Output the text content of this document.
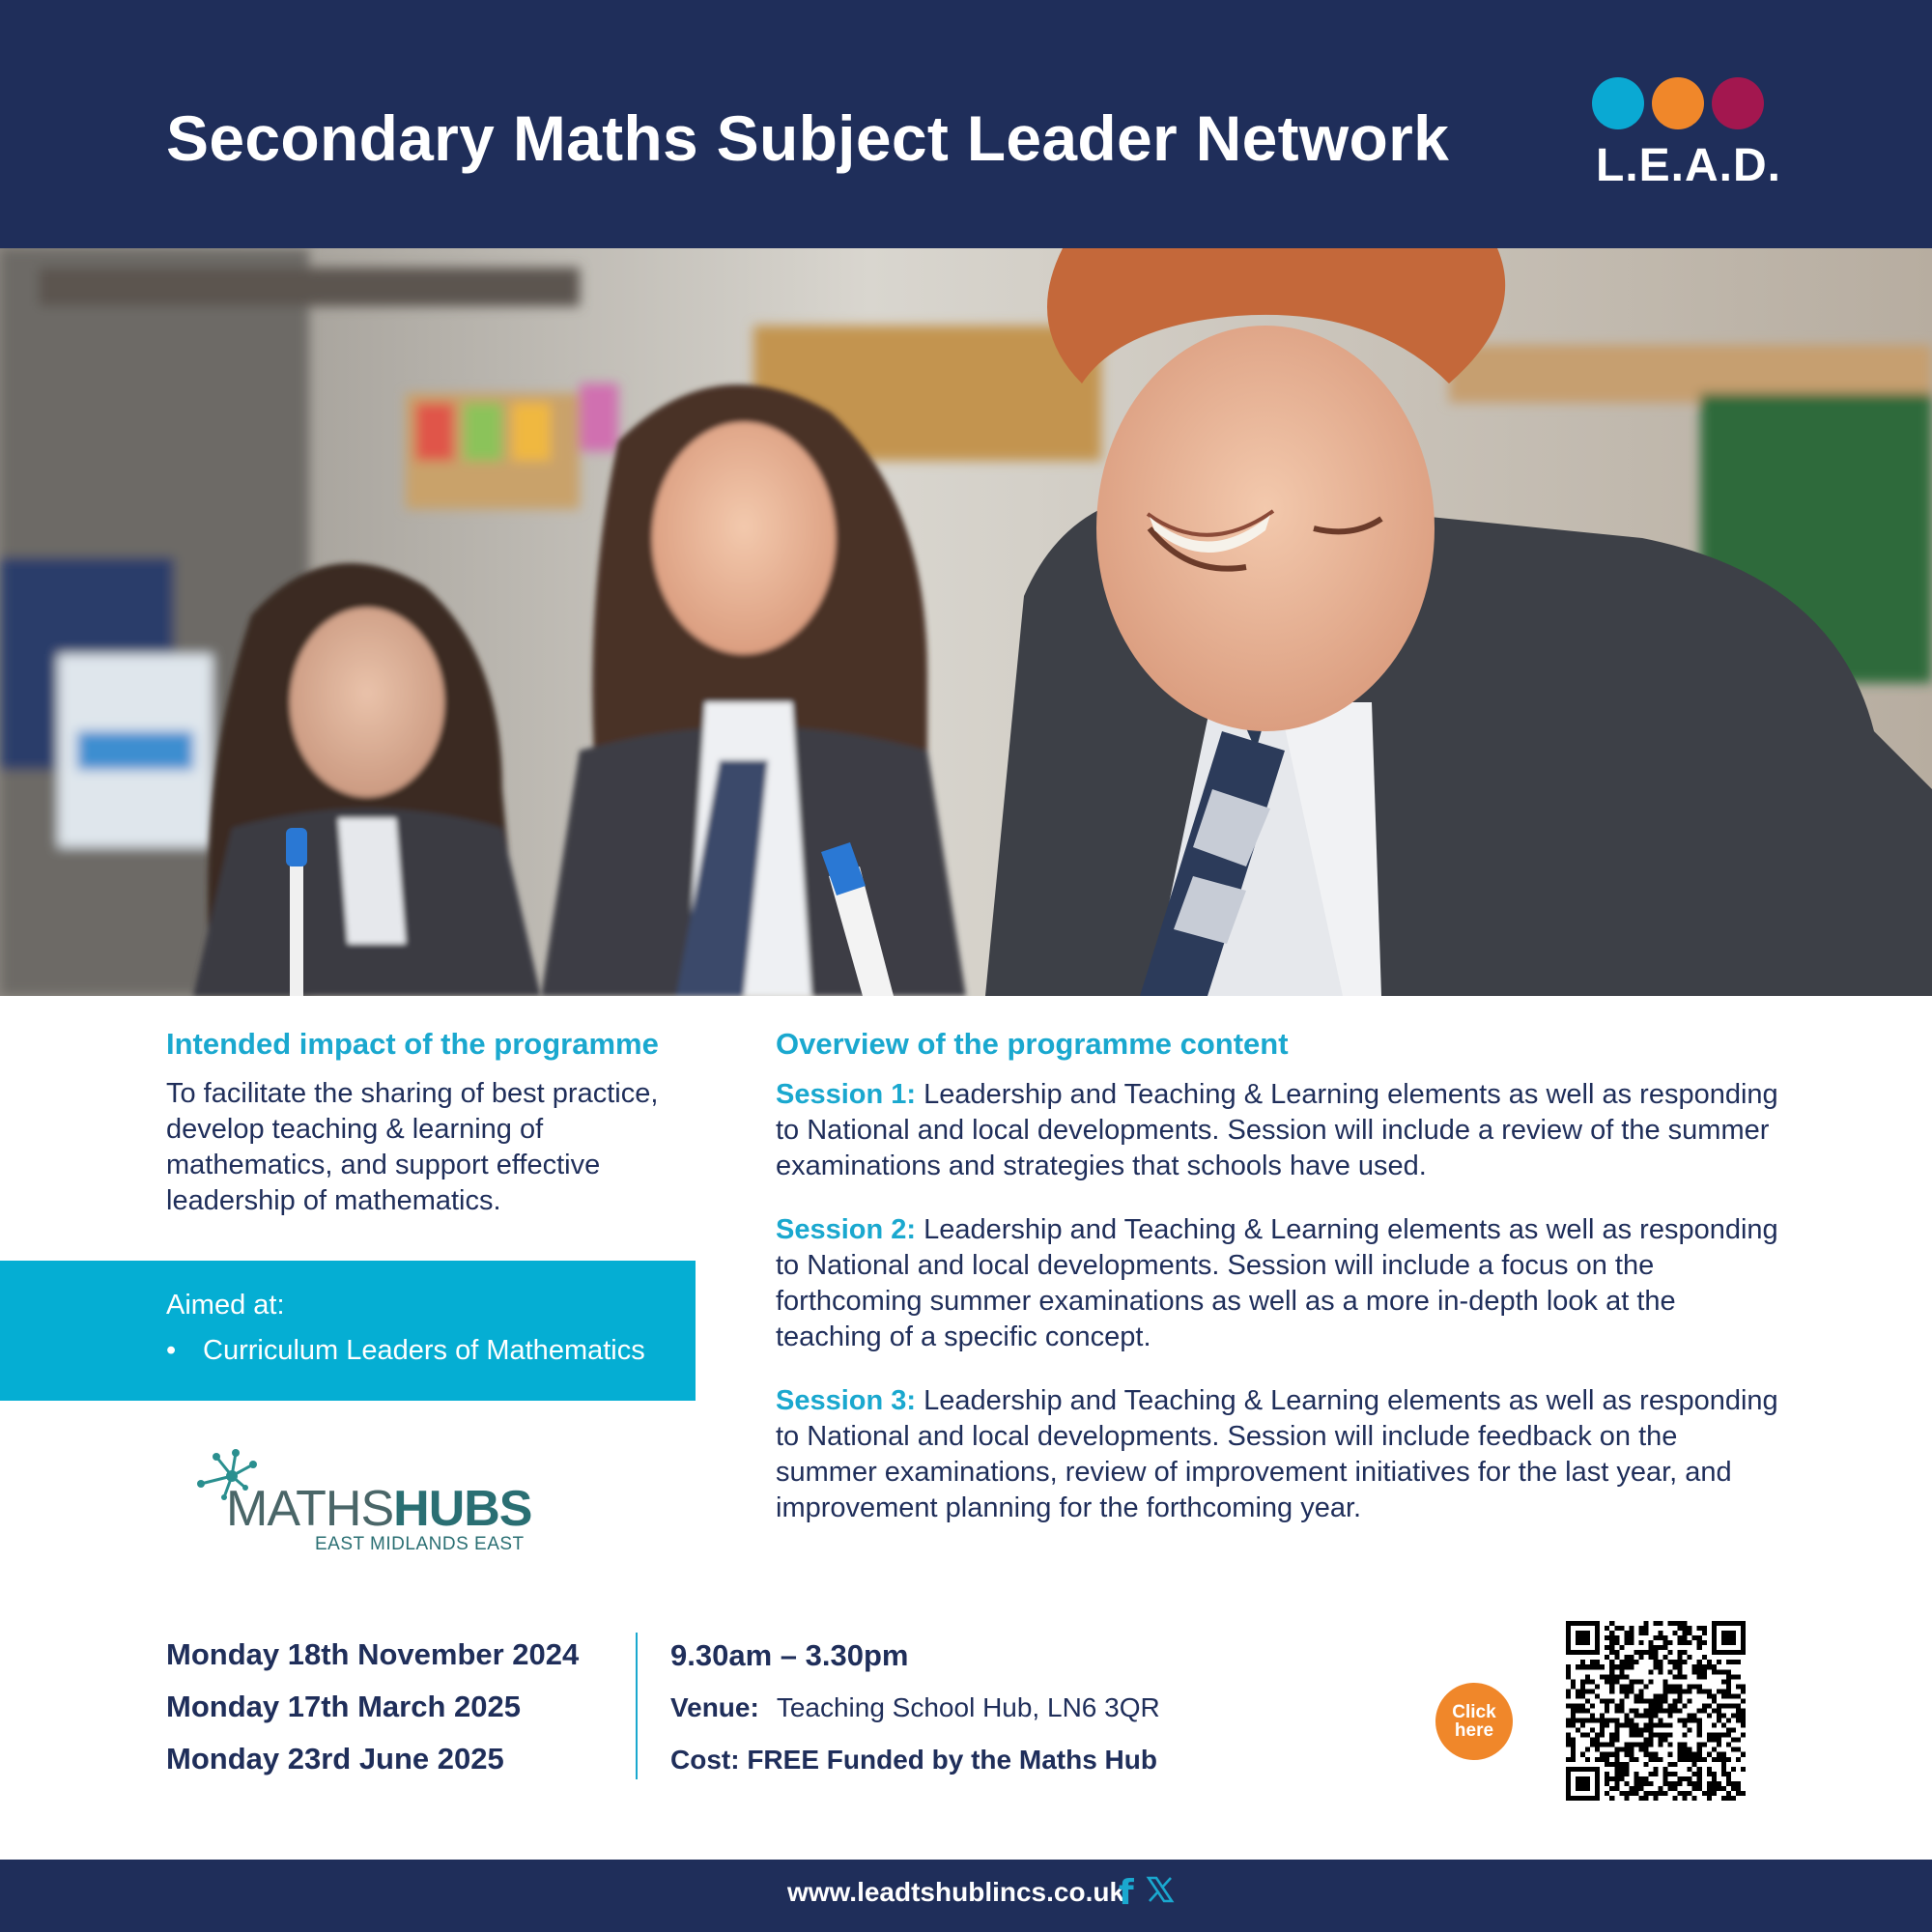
Secondary Maths Subject Leader Network	L.E.A.D.
Intended impact of the programme
To facilitate the sharing of best practice, develop teaching & learning of mathematics, and support effective leadership of mathematics.
Aimed at:
• Curriculum Leaders of Mathematics
MATHSHUBS
EAST MIDLANDS EAST
Overview of the programme content
Session 1: Leadership and Teaching & Learning elements as well as responding to National and local developments. Session will include a review of the summer examinations and strategies that schools have used.
Session 2: Leadership and Teaching & Learning elements as well as responding to National and local developments. Session will include a focus on the forthcoming summer examinations as well as a more in-depth look at the teaching of a specific concept.
Session 3: Leadership and Teaching & Learning elements as well as responding to National and local developments. Session will include feedback on the summer examinations, review of improvement initiatives for the last year, and improvement planning for the forthcoming year.
Monday 18th November 2024
Monday 17th March 2025
Monday 23rd June 2025
9.30am – 3.30pm
Venue: Teaching School Hub, LN6 3QR
Cost: FREE Funded by the Maths Hub
Click
here
www.leadtshublincs.co.uk
f
